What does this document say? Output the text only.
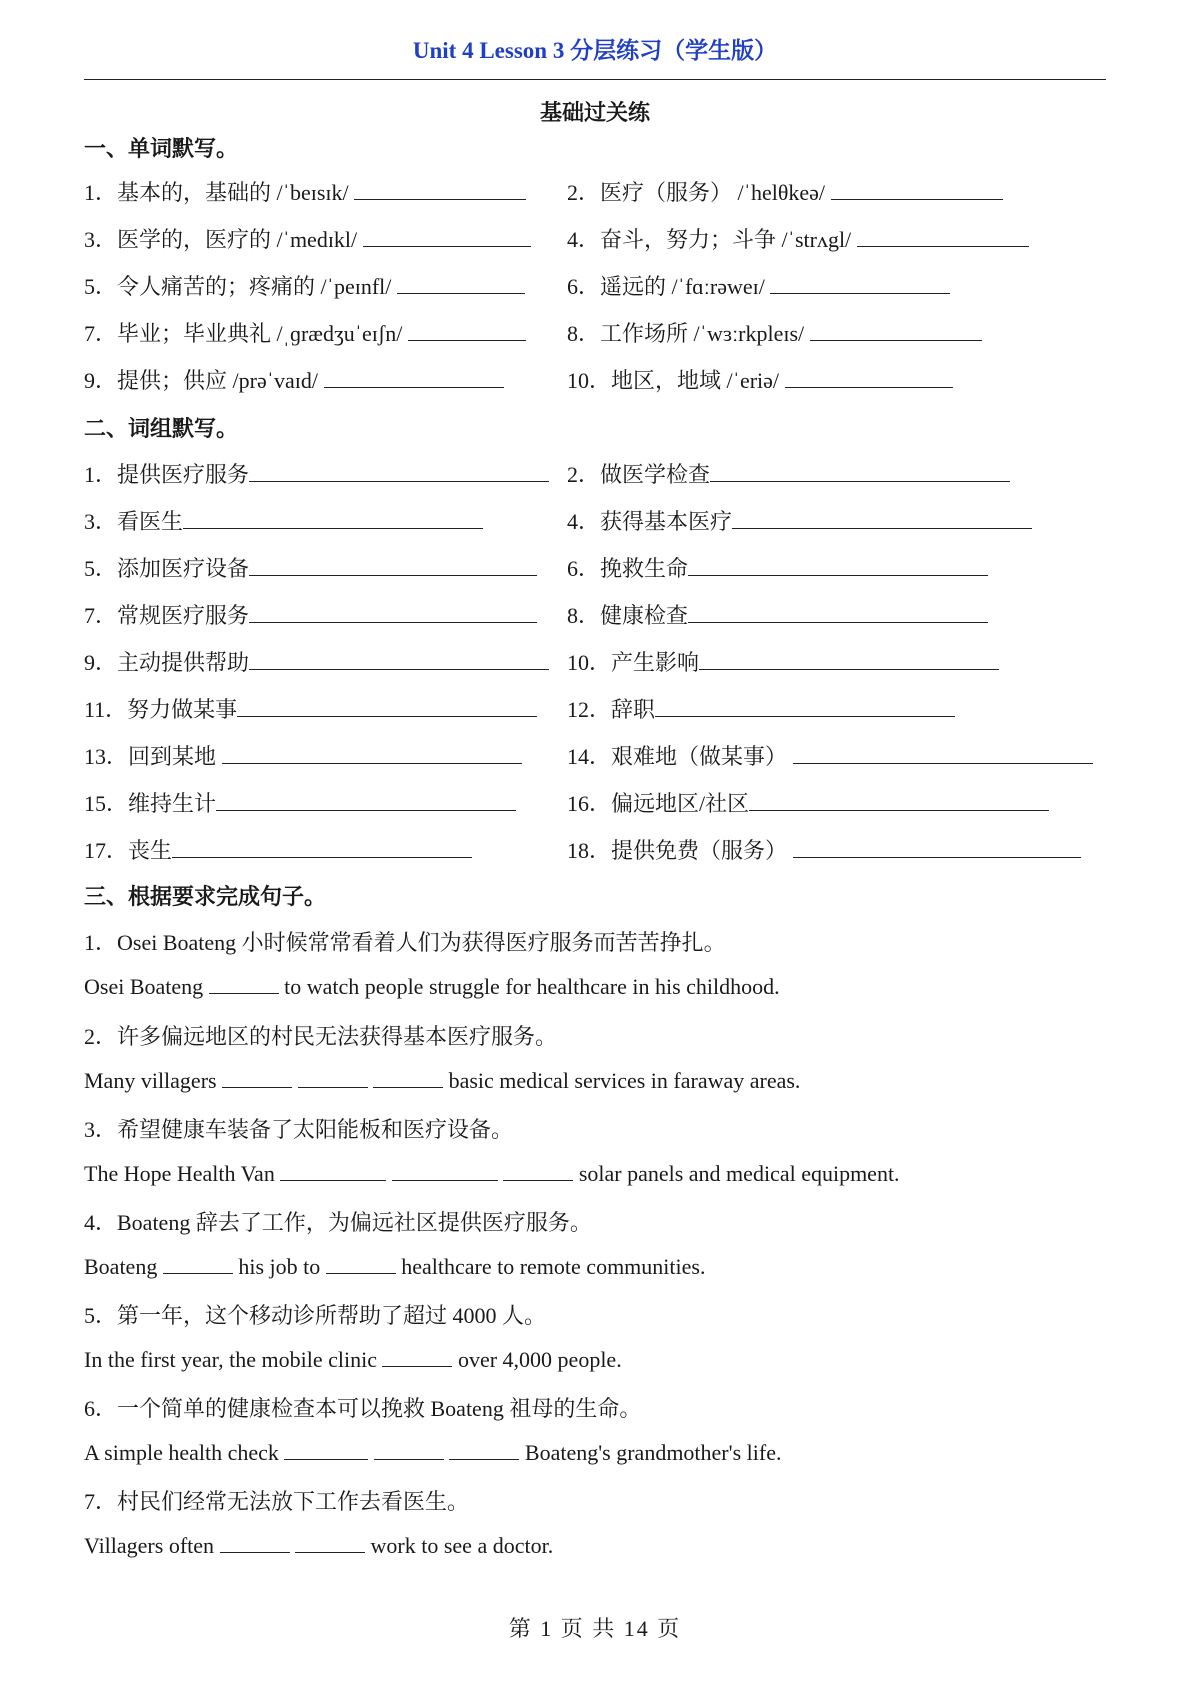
Unit 4 Lesson 3 分层练习（学生版）
基础过关练
一、单词默写。
1．基本的，基础的 /ˈbeɪsɪk/	2．医疗（服务） /ˈhelθkeə/
3．医学的，医疗的 /ˈmedɪkl/	4．奋斗，努力；斗争 /ˈstrʌgl/
5．令人痛苦的；疼痛的 /ˈpeɪnfl/	6．遥远的 /ˈfɑːrəweɪ/
7．毕业；毕业典礼 /ˌɡrædʒuˈeɪʃn/	8．工作场所 /ˈwɜːrkpleɪs/
9．提供；供应 /prəˈvaɪd/	10．地区，地域 /ˈeriə/
二、词组默写。
1．提供医疗服务	2．做医学检查
3．看医生	4．获得基本医疗
5．添加医疗设备	6．挽救生命
7．常规医疗服务	8．健康检查
9．主动提供帮助	10．产生影响
11．努力做某事	12．辞职
13．回到某地	14．艰难地（做某事）
15．维持生计	16．偏远地区/社区
17．丧生	18．提供免费（服务）
三、根据要求完成句子。
1．Osei Boateng 小时候常常看着人们为获得医疗服务而苦苦挣扎。
Osei Boateng	to watch people struggle for healthcare in his childhood.
2．许多偏远地区的村民无法获得基本医疗服务。
Many villagers	basic medical services in faraway areas.
3．希望健康车装备了太阳能板和医疗设备。
The Hope Health Van	solar panels and medical equipment.
4．Boateng 辞去了工作，为偏远社区提供医疗服务。
Boateng	his job to	healthcare to remote communities.
5．第一年，这个移动诊所帮助了超过 4000 人。
In the first year, the mobile clinic	over 4,000 people.
6．一个简单的健康检查本可以挽救 Boateng 祖母的生命。
A simple health check	Boateng's grandmother's life.
7．村民们经常无法放下工作去看医生。
Villagers often	work to see a doctor.
第 1 页 共 14 页
